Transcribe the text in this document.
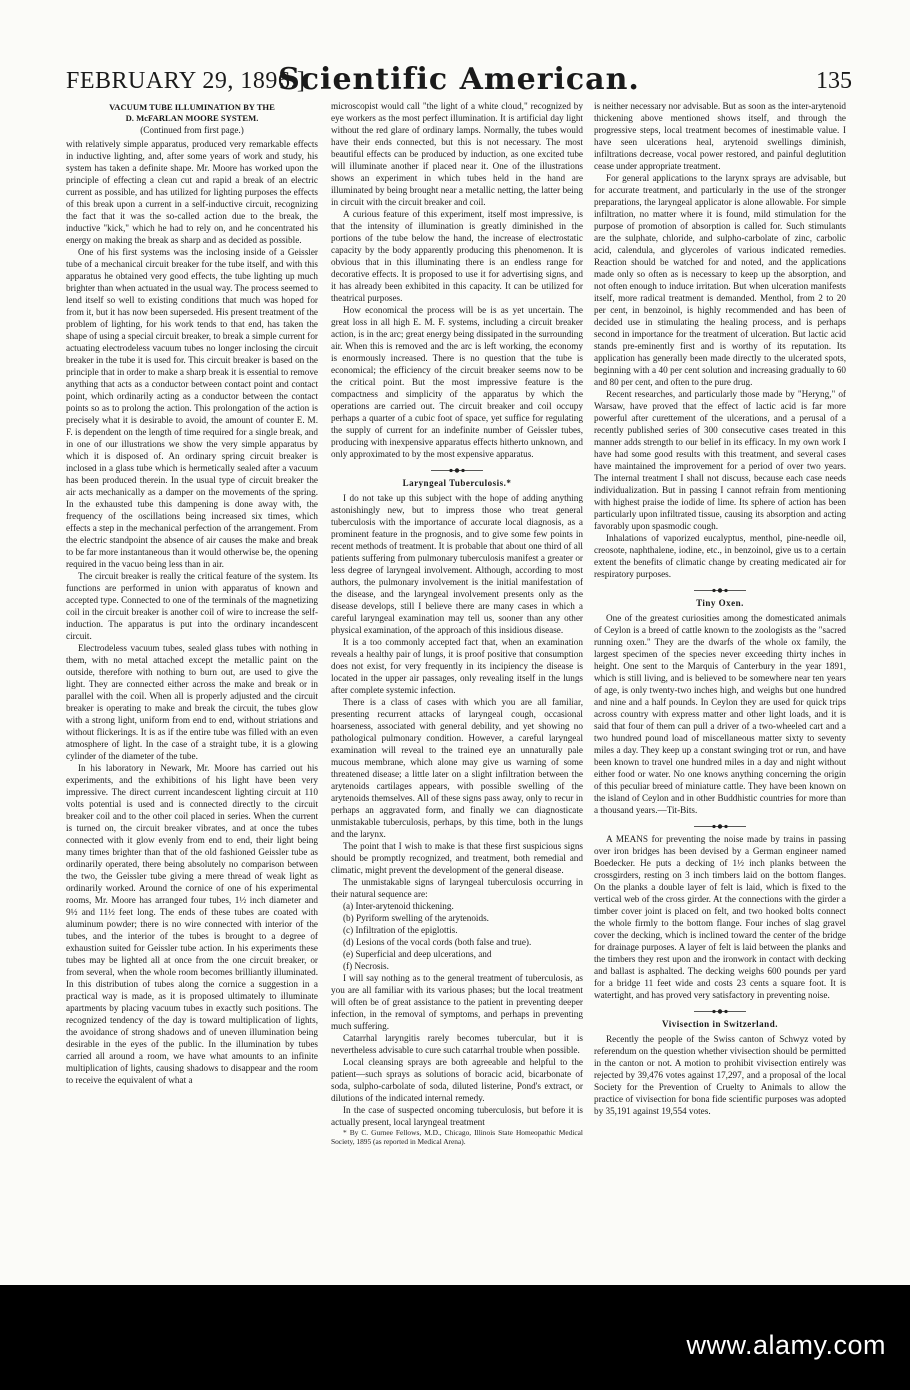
FEBRUARY 29, 1896.]
Scientific American.	135
VACUUM TUBE ILLUMINATION BY THE
D. McFARLAN MOORE SYSTEM.
(Continued from first page.)

with relatively simple apparatus, produced very remarkable effects in inductive lighting, and, after some years of work and study, his system has taken a definite shape. Mr. Moore has worked upon the principle of effecting a clean cut and rapid a break of an electric current as possible, and has utilized for lighting purposes the effects of this break upon a current in a self-inductive circuit, recognizing the fact that it was the so-called action due to the break, the inductive "kick," which he had to rely on, and he concentrated his energy on making the break as sharp and as decided as possible.

One of his first systems was the inclosing inside of a Geissler tube of a mechanical circuit breaker for the tube itself, and with this apparatus he obtained very good effects, the tube lighting up much brighter than when actuated in the usual way. The process seemed to lend itself so well to existing conditions that much was hoped for from it, but it has now been superseded. His present treatment of the problem of lighting, for his work tends to that end, has taken the shape of using a special circuit breaker, to break a simple current for actuating electrodeless vacuum tubes no longer inclosing the circuit breaker in the tube it is used for. This circuit breaker is based on the principle that in order to make a sharp break it is essential to remove anything that acts as a conductor between contact point and contact point, which ordinarily acting as a conductor between the contact points so as to prolong the action. This prolongation of the action is precisely what it is desirable to avoid, the amount of counter E. M. F. is dependent on the length of time required for a single break, and in one of our illustrations we show the very simple apparatus by which it is disposed of. An ordinary spring circuit breaker is inclosed in a glass tube which is hermetically sealed after a vacuum has been produced therein. In the usual type of circuit breaker the air acts mechanically as a damper on the movements of the spring. In the exhausted tube this dampening is done away with, the frequency of the oscillations being increased six times, which effects a step in the mechanical perfection of the arrangement. From the electric standpoint the absence of air causes the make and break to be far more instantaneous than it would otherwise be, the opening required in the vacuo being less than in air.

The circuit breaker is really the critical feature of the system. Its functions are performed in union with apparatus of known and accepted type. Connected to one of the terminals of the magnetizing coil in the circuit breaker is another coil of wire to increase the self-induction. The apparatus is put into the ordinary incandescent circuit.

Electrodeless vacuum tubes, sealed glass tubes with nothing in them, with no metal attached except the metallic paint on the outside, therefore with nothing to burn out, are used to give the light. They are connected either across the make and break or in parallel with the coil. When all is properly adjusted and the circuit breaker is operating to make and break the circuit, the tubes glow with a strong light, uniform from end to end, without striations and without flickerings. It is as if the entire tube was filled with an even atmosphere of light. In the case of a straight tube, it is a glowing cylinder of the diameter of the tube.

In his laboratory in Newark, Mr. Moore has carried out his experiments, and the exhibitions of his light have been very impressive. The direct current incandescent lighting circuit at 110 volts potential is used and is connected directly to the circuit breaker coil and to the other coil placed in series. When the current is turned on, the circuit breaker vibrates, and at once the tubes connected with it glow evenly from end to end, their light being many times brighter than that of the old fashioned Geissler tube as ordinarily operated, there being absolutely no comparison between the two, the Geissler tube giving a mere thread of weak light as ordinarily worked. Around the cornice of one of his experimental rooms, Mr. Moore has arranged four tubes, 1½ inch diameter and 9½ and 11½ feet long. The ends of these tubes are coated with aluminum powder; there is no wire connected with interior of the tubes, and the interior of the tubes is brought to a degree of exhaustion suited for Geissler tube action. In his experiments these tubes may be lighted all at once from the one circuit breaker, or from several, when the whole room becomes brilliantly illuminated. In this distribution of tubes along the cornice a suggestion in a practical way is made, as it is proposed ultimately to illuminate apartments by placing vacuum tubes in exactly such positions. The recognized tendency of the day is toward multiplication of lights, the avoidance of strong shadows and of uneven illumination being desirable in the eyes of the public. In the illumination by tubes carried all around a room, we have what amounts to an infinite multiplication of lights, causing shadows to disappear and the room to receive the equivalent of what a

microscopist would call "the light of a white cloud," recognized by eye workers as the most perfect illumination. It is artificial day light without the red glare of ordinary lamps. Normally, the tubes would have their ends connected, but this is not necessary. The most beautiful effects can be produced by induction, as one excited tube will illuminate another if placed near it. One of the illustrations shows an experiment in which tubes held in the hand are illuminated by being brought near a metallic netting, the latter being in circuit with the circuit breaker and coil.

A curious feature of this experiment, itself most impressive, is that the intensity of illumination is greatly diminished in the portions of the tube below the hand, the increase of electrostatic capacity by the body apparently producing this phenomenon. It is obvious that in this illuminating there is an endless range for decorative effects. It is proposed to use it for advertising signs, and it has already been exhibited in this capacity. It can be utilized for theatrical purposes.

How economical the process will be is as yet uncertain. The great loss in all high E. M. F. systems, including a circuit breaker action, is in the arc; great energy being dissipated in the surrounding air. When this is removed and the arc is left working, the economy is enormously increased. There is no question that the tube is economical; the efficiency of the circuit breaker seems now to be the critical point. But the most impressive feature is the compactness and simplicity of the apparatus by which the operations are carried out. The circuit breaker and coil occupy perhaps a quarter of a cubic foot of space, yet suffice for regulating the supply of current for an indefinite number of Geissler tubes, producing with inexpensive apparatus effects hitherto unknown, and only approximated to by the most expensive apparatus.

Laryngeal Tuberculosis.*

I do not take up this subject with the hope of adding anything astonishingly new, but to impress those who treat general tuberculosis with the importance of accurate local diagnosis, as a prominent feature in the prognosis, and to give some few points in recent methods of treatment. It is probable that about one third of all patients suffering from pulmonary tuberculosis manifest a greater or less degree of laryngeal involvement. Although, according to most authors, the pulmonary involvement is the initial manifestation of the disease, and the laryngeal involvement presents only as the disease develops, still I believe there are many cases in which a careful laryngeal examination may tell us, sooner than any other physical examination, of the approach of this insidious disease.

It is a too commonly accepted fact that, when an examination reveals a healthy pair of lungs, it is proof positive that consumption does not exist, for very frequently in its incipiency the disease is located in the upper air passages, only revealing itself in the lungs after complete systemic infection.

There is a class of cases with which you are all familiar, presenting recurrent attacks of laryngeal cough, occasional hoarseness, associated with general debility, and yet showing no pathological pulmonary condition. However, a careful laryngeal examination will reveal to the trained eye an unnaturally pale mucous membrane, which alone may give us warning of some threatened disease; a little later on a slight infiltration between the arytenoids cartilages appears, with possible swelling of the arytenoids themselves. All of these signs pass away, only to recur in perhaps an aggravated form, and finally we can diagnosticate unmistakable tuberculosis, perhaps, by this time, both in the lungs and the larynx.

The point that I wish to make is that these first suspicious signs should be promptly recognized, and treatment, both remedial and climatic, might prevent the development of the general disease.

The unmistakable signs of laryngeal tuberculosis occurring in their natural sequence are:

(a) Inter-arytenoid thickening.
(b) Pyriform swelling of the arytenoids.
(c) Infiltration of the epiglottis.
(d) Lesions of the vocal cords (both false and true).
(e) Superficial and deep ulcerations, and
(f) Necrosis.

I will say nothing as to the general treatment of tuberculosis, as you are all familiar with its various phases; but the local treatment will often be of great assistance to the patient in preventing deeper infection, in the removal of symptoms, and perhaps in preventing much suffering.

Catarrhal laryngitis rarely becomes tubercular, but it is nevertheless advisable to cure such catarrhal trouble when possible.

Local cleansing sprays are both agreeable and helpful to the patient—such sprays as solutions of boracic acid, bicarbonate of soda, sulpho-carbolate of soda, diluted listerine, Pond's extract, or dilutions of the indicated internal remedy.

In the case of suspected oncoming tuberculosis, but before it is actually present, local laryngeal treatment

* By C. Gurnee Fellows, M.D., Chicago, Illinois State Homeopathic Medical Society, 1895 (as reported in Medical Arena).

is neither necessary nor advisable. But as soon as the inter-arytenoid thickening above mentioned shows itself, and through the progressive steps, local treatment becomes of inestimable value. I have seen ulcerations heal, arytenoid swellings diminish, infiltrations decrease, vocal power restored, and painful deglutition cease under appropriate treatment.

For general applications to the larynx sprays are advisable, but for accurate treatment, and particularly in the use of the stronger preparations, the laryngeal applicator is alone allowable. For simple infiltration, no matter where it is found, mild stimulation for the purpose of promotion of absorption is called for. Such stimulants are the sulphate, chloride, and sulpho-carbolate of zinc, carbolic acid, calendula, and glyceroles of various indicated remedies. Reaction should be watched for and noted, and the applications made only so often as is necessary to keep up the absorption, and not often enough to induce irritation. But when ulceration manifests itself, more radical treatment is demanded. Menthol, from 2 to 20 per cent, in benzoinol, is highly recommended and has been of decided use in stimulating the healing process, and is perhaps second in importance for the treatment of ulceration. But lactic acid stands pre-eminently first and is worthy of its reputation. Its application has generally been made directly to the ulcerated spots, beginning with a 40 per cent solution and increasing gradually to 60 and 80 per cent, and often to the pure drug.

Recent researches, and particularly those made by "Heryng," of Warsaw, have proved that the effect of lactic acid is far more powerful after curettement of the ulcerations, and a perusal of a recently published series of 300 consecutive cases treated in this manner adds strength to our belief in its efficacy. In my own work I have had some good results with this treatment, and several cases have maintained the improvement for a period of over two years. The internal treatment I shall not discuss, because each case needs individualization. But in passing I cannot refrain from mentioning with highest praise the iodide of lime. Its sphere of action has been particularly upon infiltrated tissue, causing its absorption and acting favorably upon spasmodic cough.

Inhalations of vaporized eucalyptus, menthol, pine-needle oil, creosote, naphthalene, iodine, etc., in benzoinol, give us to a certain extent the benefits of climatic change by creating medicated air for respiratory purposes.

Tiny Oxen.

One of the greatest curiosities among the domesticated animals of Ceylon is a breed of cattle known to the zoologists as the "sacred running oxen." They are the dwarfs of the whole ox family, the largest specimen of the species never exceeding thirty inches in height. One sent to the Marquis of Canterbury in the year 1891, which is still living, and is believed to be somewhere near ten years of age, is only twenty-two inches high, and weighs but one hundred and nine and a half pounds. In Ceylon they are used for quick trips across country with express matter and other light loads, and it is said that four of them can pull a driver of a two-wheeled cart and a two hundred pound load of miscellaneous matter sixty to seventy miles a day. They keep up a constant swinging trot or run, and have been known to travel one hundred miles in a day and night without either food or water. No one knows anything concerning the origin of this peculiar breed of miniature cattle. They have been known on the island of Ceylon and in other Buddhistic countries for more than a thousand years.—Tit-Bits.

A MEANS for preventing the noise made by trains in passing over iron bridges has been devised by a German engineer named Boedecker. He puts a decking of 1½ inch planks between the crossgirders, resting on 3 inch timbers laid on the bottom flanges. On the planks a double layer of felt is laid, which is fixed to the vertical web of the cross girder. At the connections with the girder a timber cover joint is placed on felt, and two hooked bolts connect the whole firmly to the bottom flange. Four inches of slag gravel cover the decking, which is inclined toward the center of the bridge for drainage purposes. A layer of felt is laid between the planks and the timbers they rest upon and the ironwork in contact with decking and ballast is asphalted. The decking weighs 600 pounds per yard for a bridge 11 feet wide and costs 23 cents a square foot. It is watertight, and has proved very satisfactory in preventing noise.

Vivisection in Switzerland.

Recently the people of the Swiss canton of Schwyz voted by referendum on the question whether vivisection should be permitted in the canton or not. A motion to prohibit vivisection entirely was rejected by 39,476 votes against 17,297, and a proposal of the local Society for the Prevention of Cruelty to Animals to allow the practice of vivisection for bona fide scientific purposes was adopted by 35,191 against 19,554 votes.

www.alamy.com
